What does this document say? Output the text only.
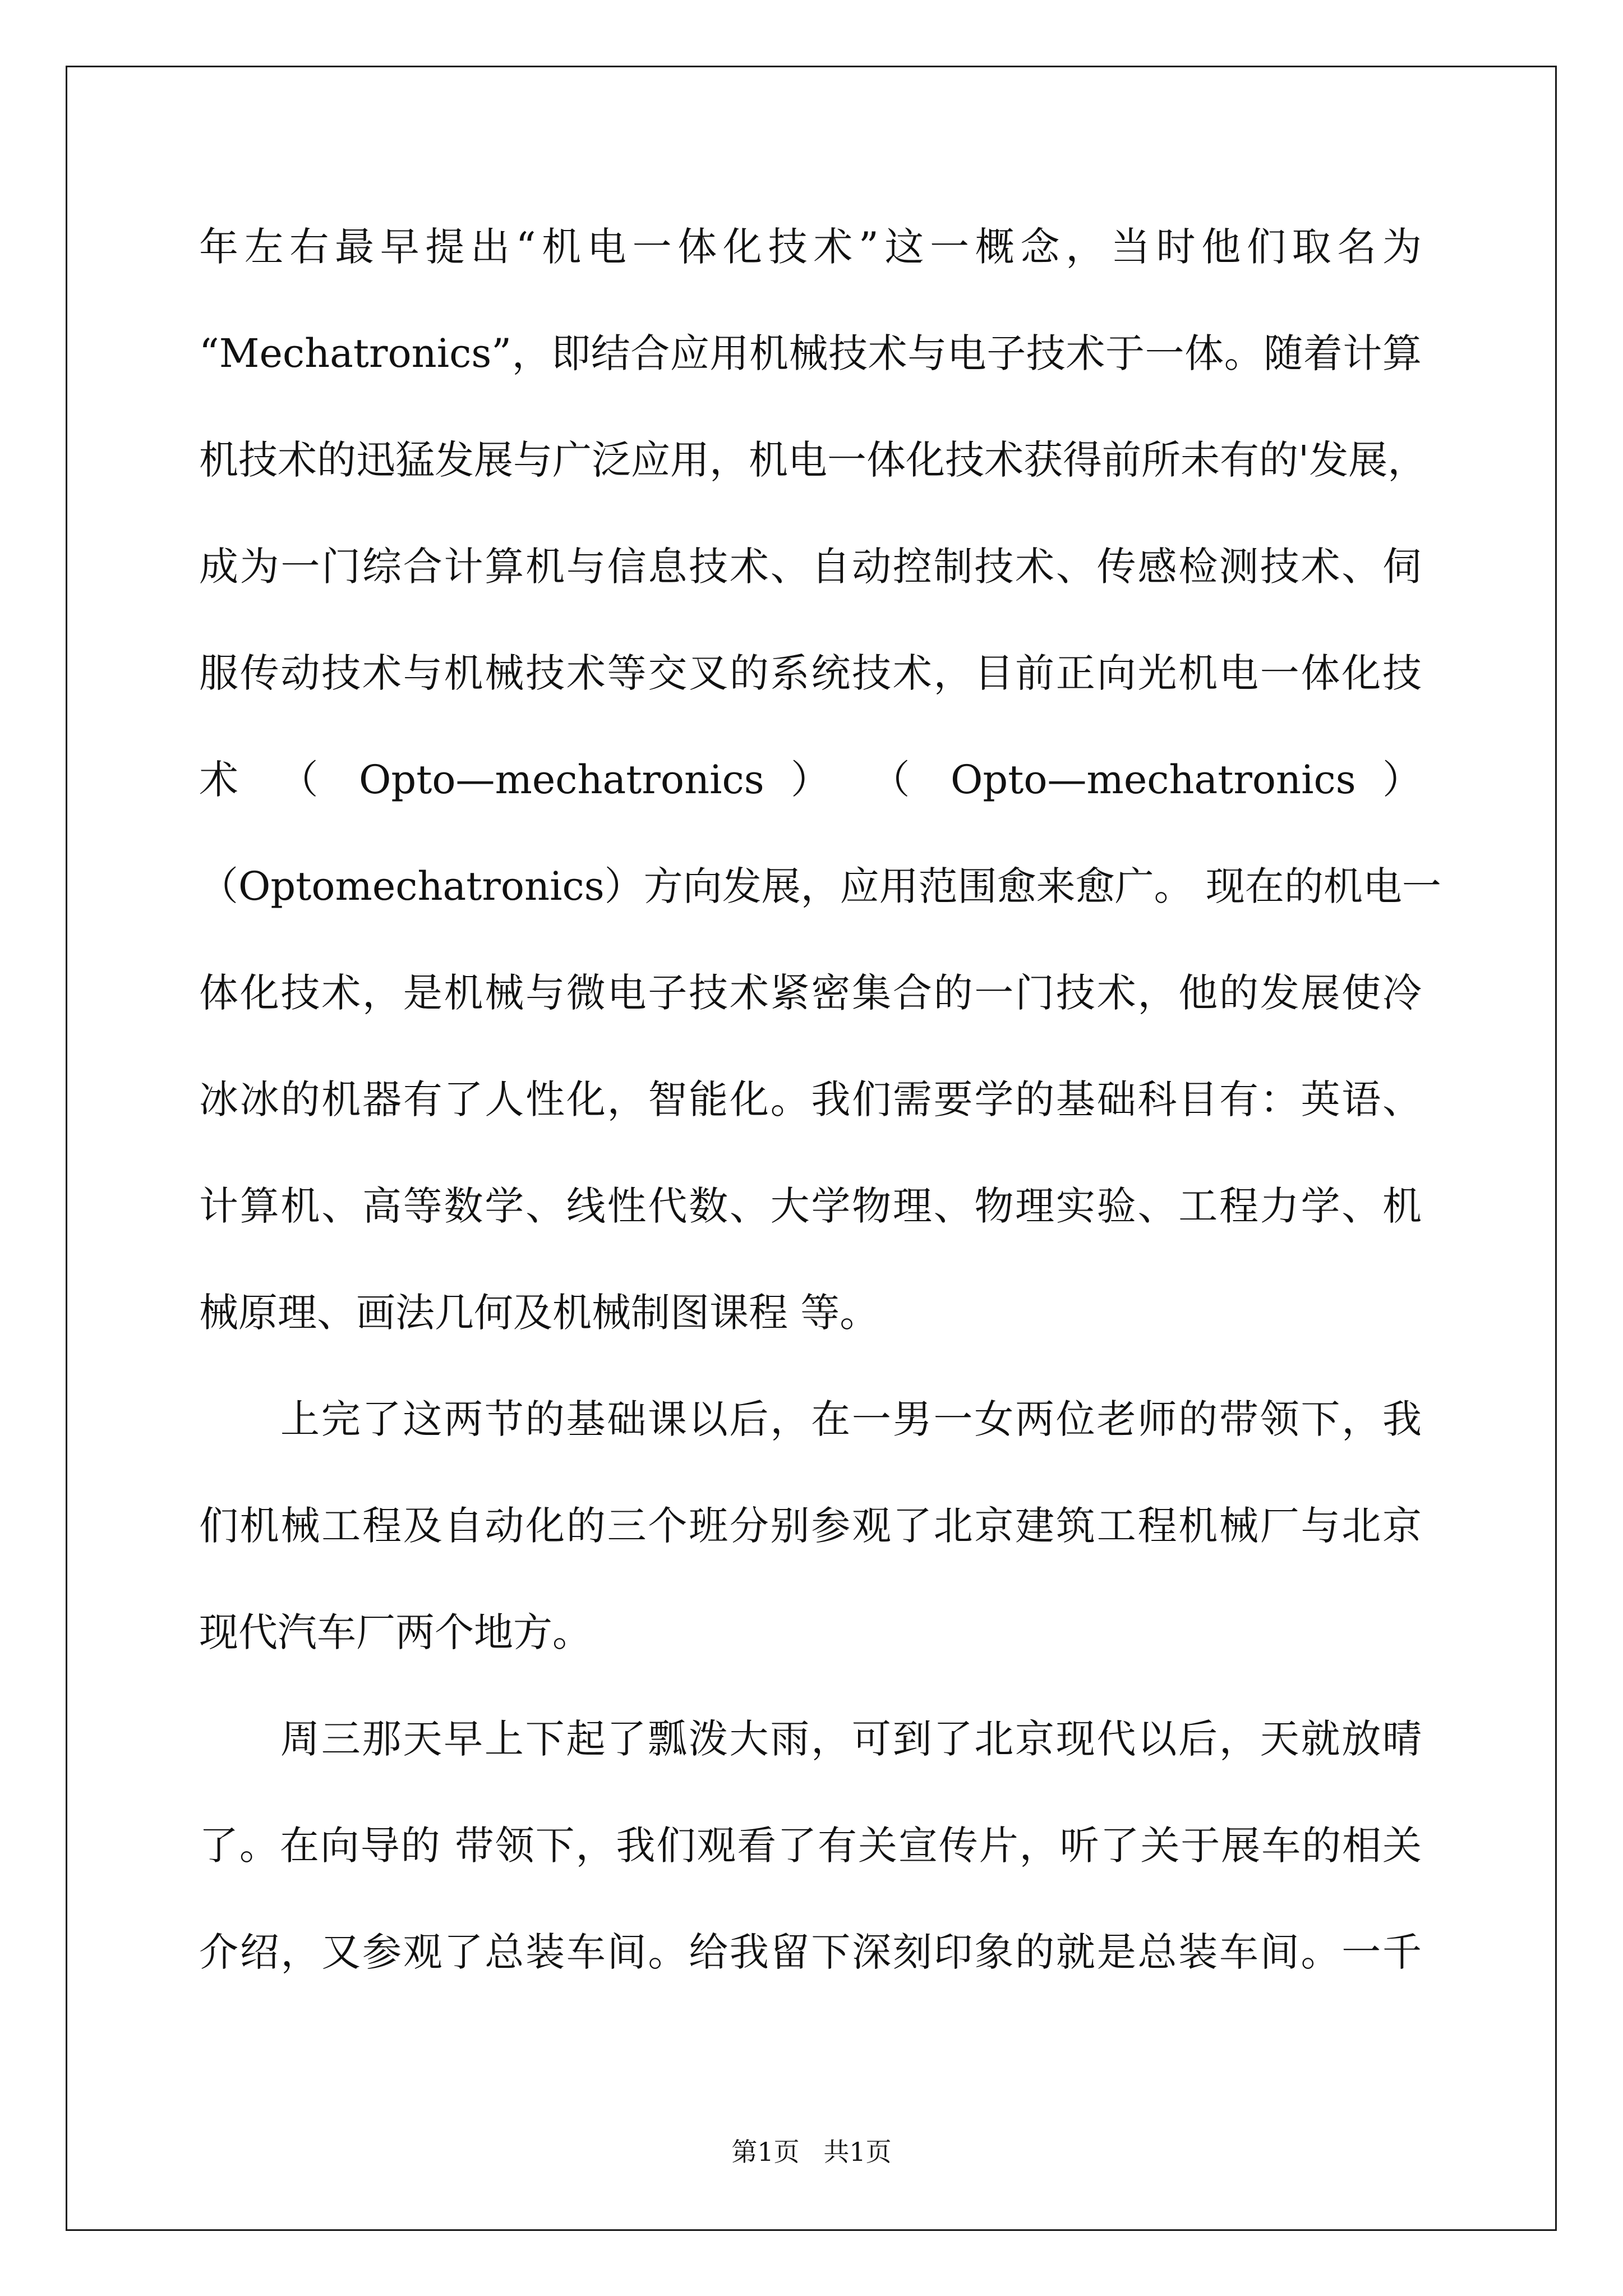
年左右最早提出“机电一体化技术”这一概念，当时他们取名为
“Mechatronics”，即结合应用机械技术与电子技术于一体。随着计算
机技术的迅猛发展与广泛应用，机电一体化技术获得前所未有的'发展，
成为一门综合计算机与信息技术、自动控制技术、传感检测技术、伺
服传动技术与机械技术等交叉的系统技术，目前正向光机电一体化技
术 （ Opto—mechatronics ） （ Opto—mechatronics ）
（Optomechatronics）方向发展，应用范围愈来愈广。 现在的机电一
体化技术，是机械与微电子技术紧密集合的一门技术，他的发展使冷
冰冰的机器有了人性化，智能化。我们需要学的基础科目有：英语、
计算机、高等数学、线性代数、大学物理、物理实验、工程力学、机
械原理、画法几何及机械制图课程 等。
上完了这两节的基础课以后，在一男一女两位老师的带领下，我
们机械工程及自动化的三个班分别参观了北京建筑工程机械厂与北京
现代汽车厂两个地方。
周三那天早上下起了瓢泼大雨，可到了北京现代以后，天就放晴
了。在向导的 带领下，我们观看了有关宣传片，听了关于展车的相关
介绍，又参观了总装车间。给我留下深刻印象的就是总装车间。一千
第1页 共1页
